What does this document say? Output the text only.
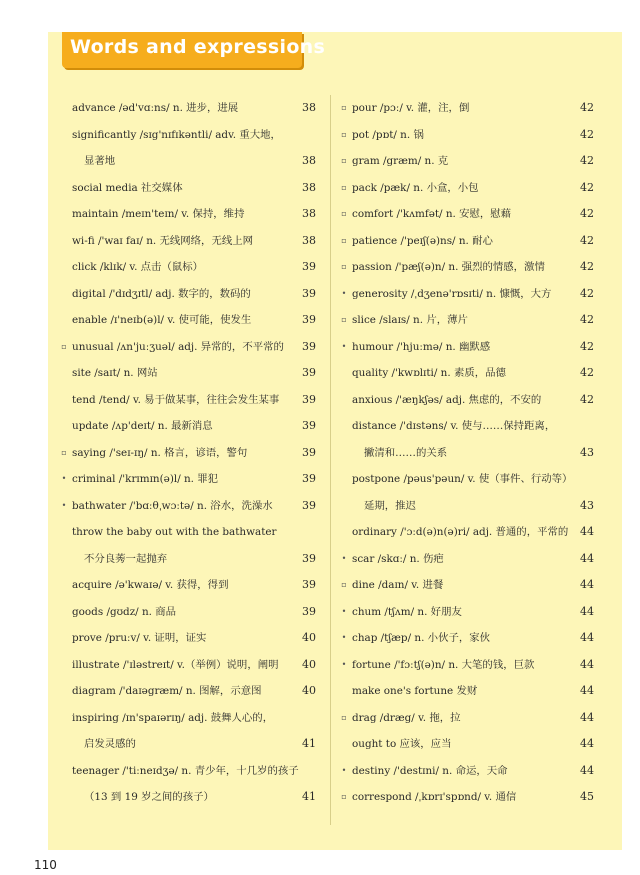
Words and expressions
advance /əd'vɑːns/ n. 进步，进展	38
significantly /sɪg'nɪfɪkəntli/ adv. 重大地，
显著地	38
social media 社交媒体	38
maintain /meɪn'teɪn/ v. 保持，维持	38
wi-fi /'waɪ faɪ/ n. 无线网络，无线上网	38
click /klɪk/ v. 点击（鼠标）	39
digital /'dɪdʒɪtl/ adj. 数字的，数码的	39
enable /ɪ'neɪb(ə)l/ v. 使可能，使发生	39
▫ unusual /ʌn'juːʒuəl/ adj. 异常的，不平常的	39
site /saɪt/ n. 网站	39
tend /tend/ v. 易于做某事，往往会发生某事	39
update /ʌp'deɪt/ n. 最新消息	39
▫ saying /'seɪ-ɪŋ/ n. 格言，谚语，警句	39
• criminal /'krɪmɪn(ə)l/ n. 罪犯	39
• bathwater /'bɑːθˌwɔːtə/ n. 浴水，洗澡水	39
throw the baby out with the bathwater
不分良莠一起抛弃	39
acquire /ə'kwaɪə/ v. 获得，得到	39
goods /gʊdz/ n. 商品	39
prove /pruːv/ v. 证明，证实	40
illustrate /'ɪləstreɪt/ v.（举例）说明，阐明	40
diagram /'daɪəgræm/ n. 图解，示意图	40
inspiring /ɪn'spaɪərɪŋ/ adj. 鼓舞人心的，
启发灵感的	41
teenager /'tiːneɪdʒə/ n. 青少年，十几岁的孩子
（13 到 19 岁之间的孩子）	41
▫ pour /pɔː/ v. 灌，注，倒	42
▫ pot /pɒt/ n. 锅	42
▫ gram /græm/ n. 克	42
▫ pack /pæk/ n. 小盒，小包	42
▫ comfort /'kʌmfət/ n. 安慰，慰藉	42
▫ patience /'peɪʃ(ə)ns/ n. 耐心	42
▫ passion /'pæʃ(ə)n/ n. 强烈的情感，激情	42
• generosity /ˌdʒenə'rɒsɪti/ n. 慷慨，大方	42
▫ slice /slaɪs/ n. 片，薄片	42
• humour /'hjuːmə/ n. 幽默感	42
quality /'kwɒlɪti/ n. 素质，品德	42
anxious /'æŋkʃəs/ adj. 焦虑的，不安的	42
distance /'dɪstəns/ v. 使与……保持距离，
撇清和……的关系	43
postpone /pəus'pəun/ v. 使（事件、行动等）
延期，推迟	43
ordinary /'ɔːd(ə)n(ə)ri/ adj. 普通的，平常的	44
• scar /skɑː/ n. 伤疤	44
▫ dine /daɪn/ v. 进餐	44
• chum /tʃʌm/ n. 好朋友	44
• chap /tʃæp/ n. 小伙子，家伙	44
• fortune /'fɔːtʃ(ə)n/ n. 大笔的钱，巨款	44
make one's fortune 发财	44
▫ drag /dræg/ v. 拖，拉	44
ought to 应该，应当	44
• destiny /'destɪni/ n. 命运，天命	44
▫ correspond /ˌkɒrɪ'spɒnd/ v. 通信	45
110
